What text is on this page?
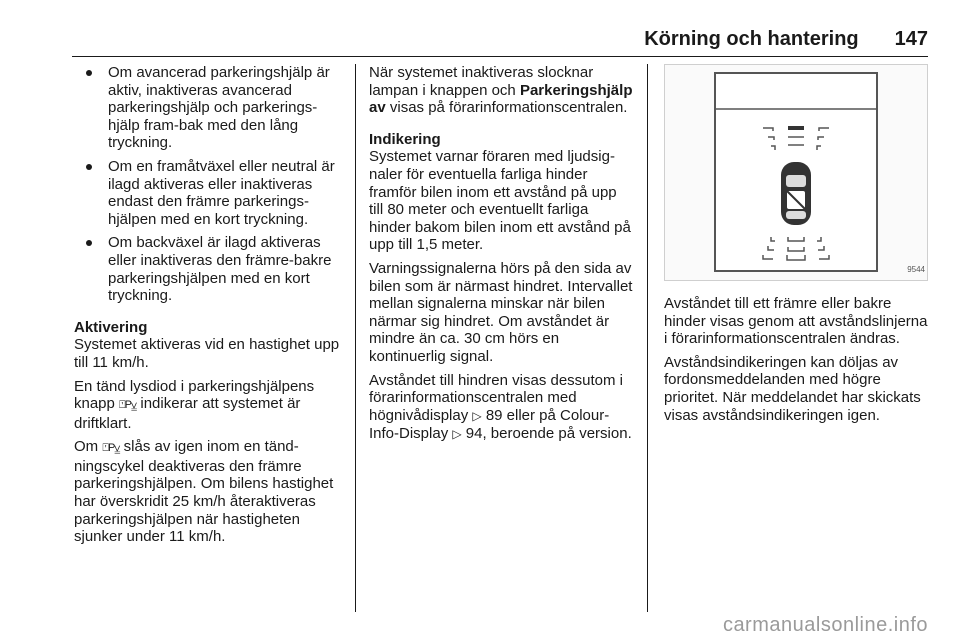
Körning och hantering 147
Om avancerad parkeringshjälp är aktiv, inaktiveras avancerad parkeringshjälp och parkeringshjälp fram-bak med den lång tryckning.
Om en framåtväxel eller neutral är ilagd aktiveras eller inaktiveras endast den främre parkeringshjälpen med en kort tryckning.
Om backväxel är ilagd aktiveras eller inaktiveras den främre-bakre parkeringshjälpen med en kort tryckning.

Aktivering

Systemet aktiveras vid en hastighet upp till 11 km/h.

En tänd lysdiod i parkeringshjälpens knapp ⍞P⩣ indikerar att systemet är driftklart.

Om ⍞P⩣ slås av igen inom en tändningscykel deaktiveras den främre parkeringshjälpen. Om bilens hastighet har överskridit 25 km/h återaktiveras parkeringshjälpen när hastigheten sjunker under 11 km/h.

När systemet inaktiveras slocknar lampan i knappen och Parkeringshjälp av visas på förarinformationscentralen.

Indikering

Systemet varnar föraren med ljudsignaler för eventuella farliga hinder framför bilen inom ett avstånd på upp till 80 meter och eventuellt farliga hinder bakom bilen inom ett avstånd på upp till 1,5 meter.

Varningssignalerna hörs på den sida av bilen som är närmast hindret. Intervallet mellan signalerna minskar när bilen närmar sig hindret. Om avståndet är mindre än ca. 30 cm hörs en kontinuerlig signal.

Avståndet till hindren visas dessutom i förarinformationscentralen med högnivådisplay ▷ 89 eller på Colour-Info-Display ▷ 94, beroende på version.

9544

Avståndet till ett främre eller bakre hinder visas genom att avståndslinjerna i förarinformationscentralen ändras.

Avståndsindikeringen kan döljas av fordonsmeddelanden med högre prioritet. När meddelandet har skickats visas avståndsindikeringen igen.

carmanualsonline.info
